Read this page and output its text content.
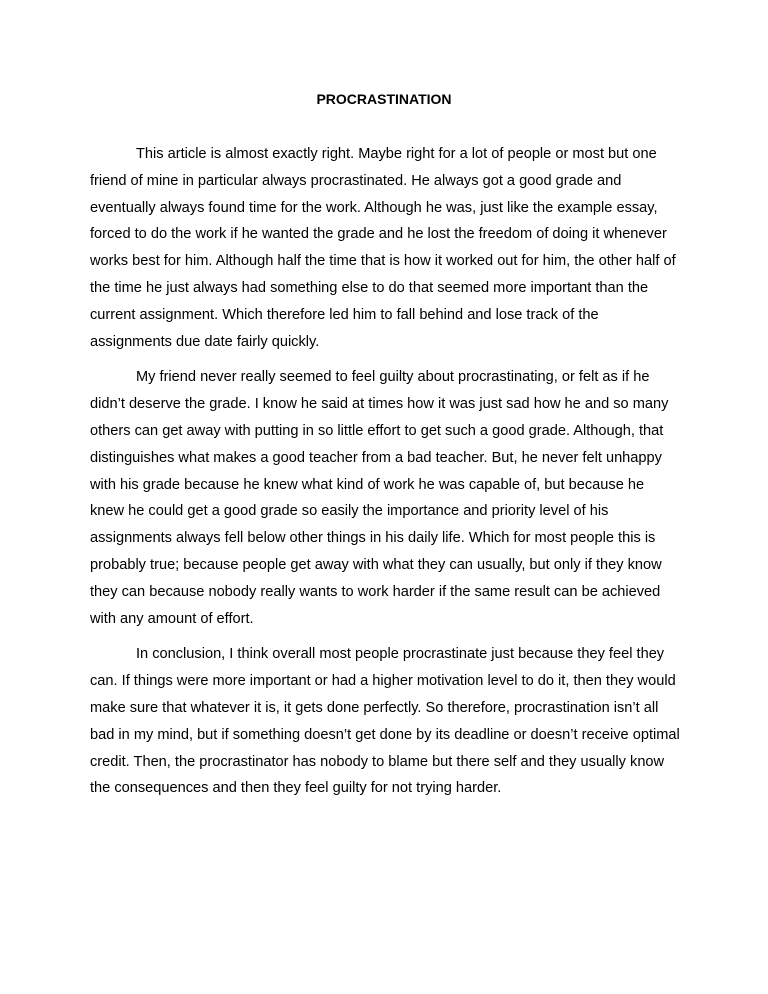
PROCRASTINATION

This article is almost exactly right. Maybe right for a lot of people or most but one friend of mine in particular always procrastinated. He always got a good grade and eventually always found time for the work. Although he was, just like the example essay, forced to do the work if he wanted the grade and he lost the freedom of doing it whenever works best for him. Although half the time that is how it worked out for him, the other half of the time he just always had something else to do that seemed more important than the current assignment. Which therefore led him to fall behind and lose track of the assignments due date fairly quickly.

My friend never really seemed to feel guilty about procrastinating, or felt as if he didn’t deserve the grade. I know he said at times how it was just sad how he and so many others can get away with putting in so little effort to get such a good grade. Although, that distinguishes what makes a good teacher from a bad teacher. But, he never felt unhappy with his grade because he knew what kind of work he was capable of, but because he knew he could get a good grade so easily the importance and priority level of his assignments always fell below other things in his daily life. Which for most people this is probably true; because people get away with what they can usually, but only if they know they can because nobody really wants to work harder if the same result can be achieved with any amount of effort.

In conclusion, I think overall most people procrastinate just because they feel they can. If things were more important or had a higher motivation level to do it, then they would make sure that whatever it is, it gets done perfectly. So therefore, procrastination isn’t all bad in my mind, but if something doesn’t get done by its deadline or doesn’t receive optimal credit. Then, the procrastinator has nobody to blame but there self and they usually know the consequences and then they feel guilty for not trying harder.
